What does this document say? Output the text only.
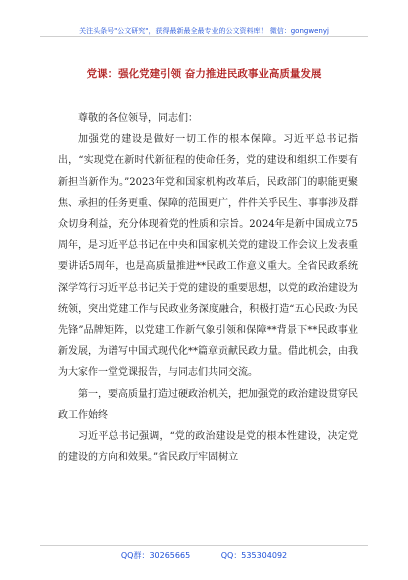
关注头条号"公文研究"，获得最新最全最专业的公文资料库！ 微信：gongwenyj
党课：强化党建引领 奋力推进民政事业高质量发展

尊敬的各位领导，同志们：

加强党的建设是做好一切工作的根本保障。习近平总书记指出，“实现党在新时代新征程的使命任务，党的建设和组织工作要有新担当新作为。”2023年党和国家机构改革后，民政部门的职能更聚焦、承担的任务更重、保障的范围更广，件件关乎民生、事事涉及群众切身利益，充分体现着党的性质和宗旨。2024年是新中国成立75周年，是习近平总书记在中央和国家机关党的建设工作会议上发表重要讲话5周年，也是高质量推进**民政工作意义重大。全省民政系统深学笃行习近平总书记关于党的建设的重要思想，以党的政治建设为统领，突出党建工作与民政业务深度融合，积极打造“五心民政·为民先锋”品牌矩阵，以党建工作新气象引领和保障**背景下**民政事业新发展，为谱写中国式现代化**篇章贡献民政力量。借此机会，由我为大家作一堂党课报告，与同志们共同交流。

第一，要高质量打造过硬政治机关，把加强党的政治建设贯穿民政工作始终

习近平总书记强调，“党的政治建设是党的根本性建设，决定党的建设的方向和效果。”省民政厅牢固树立

QQ群：30265665	QQ：535304092
